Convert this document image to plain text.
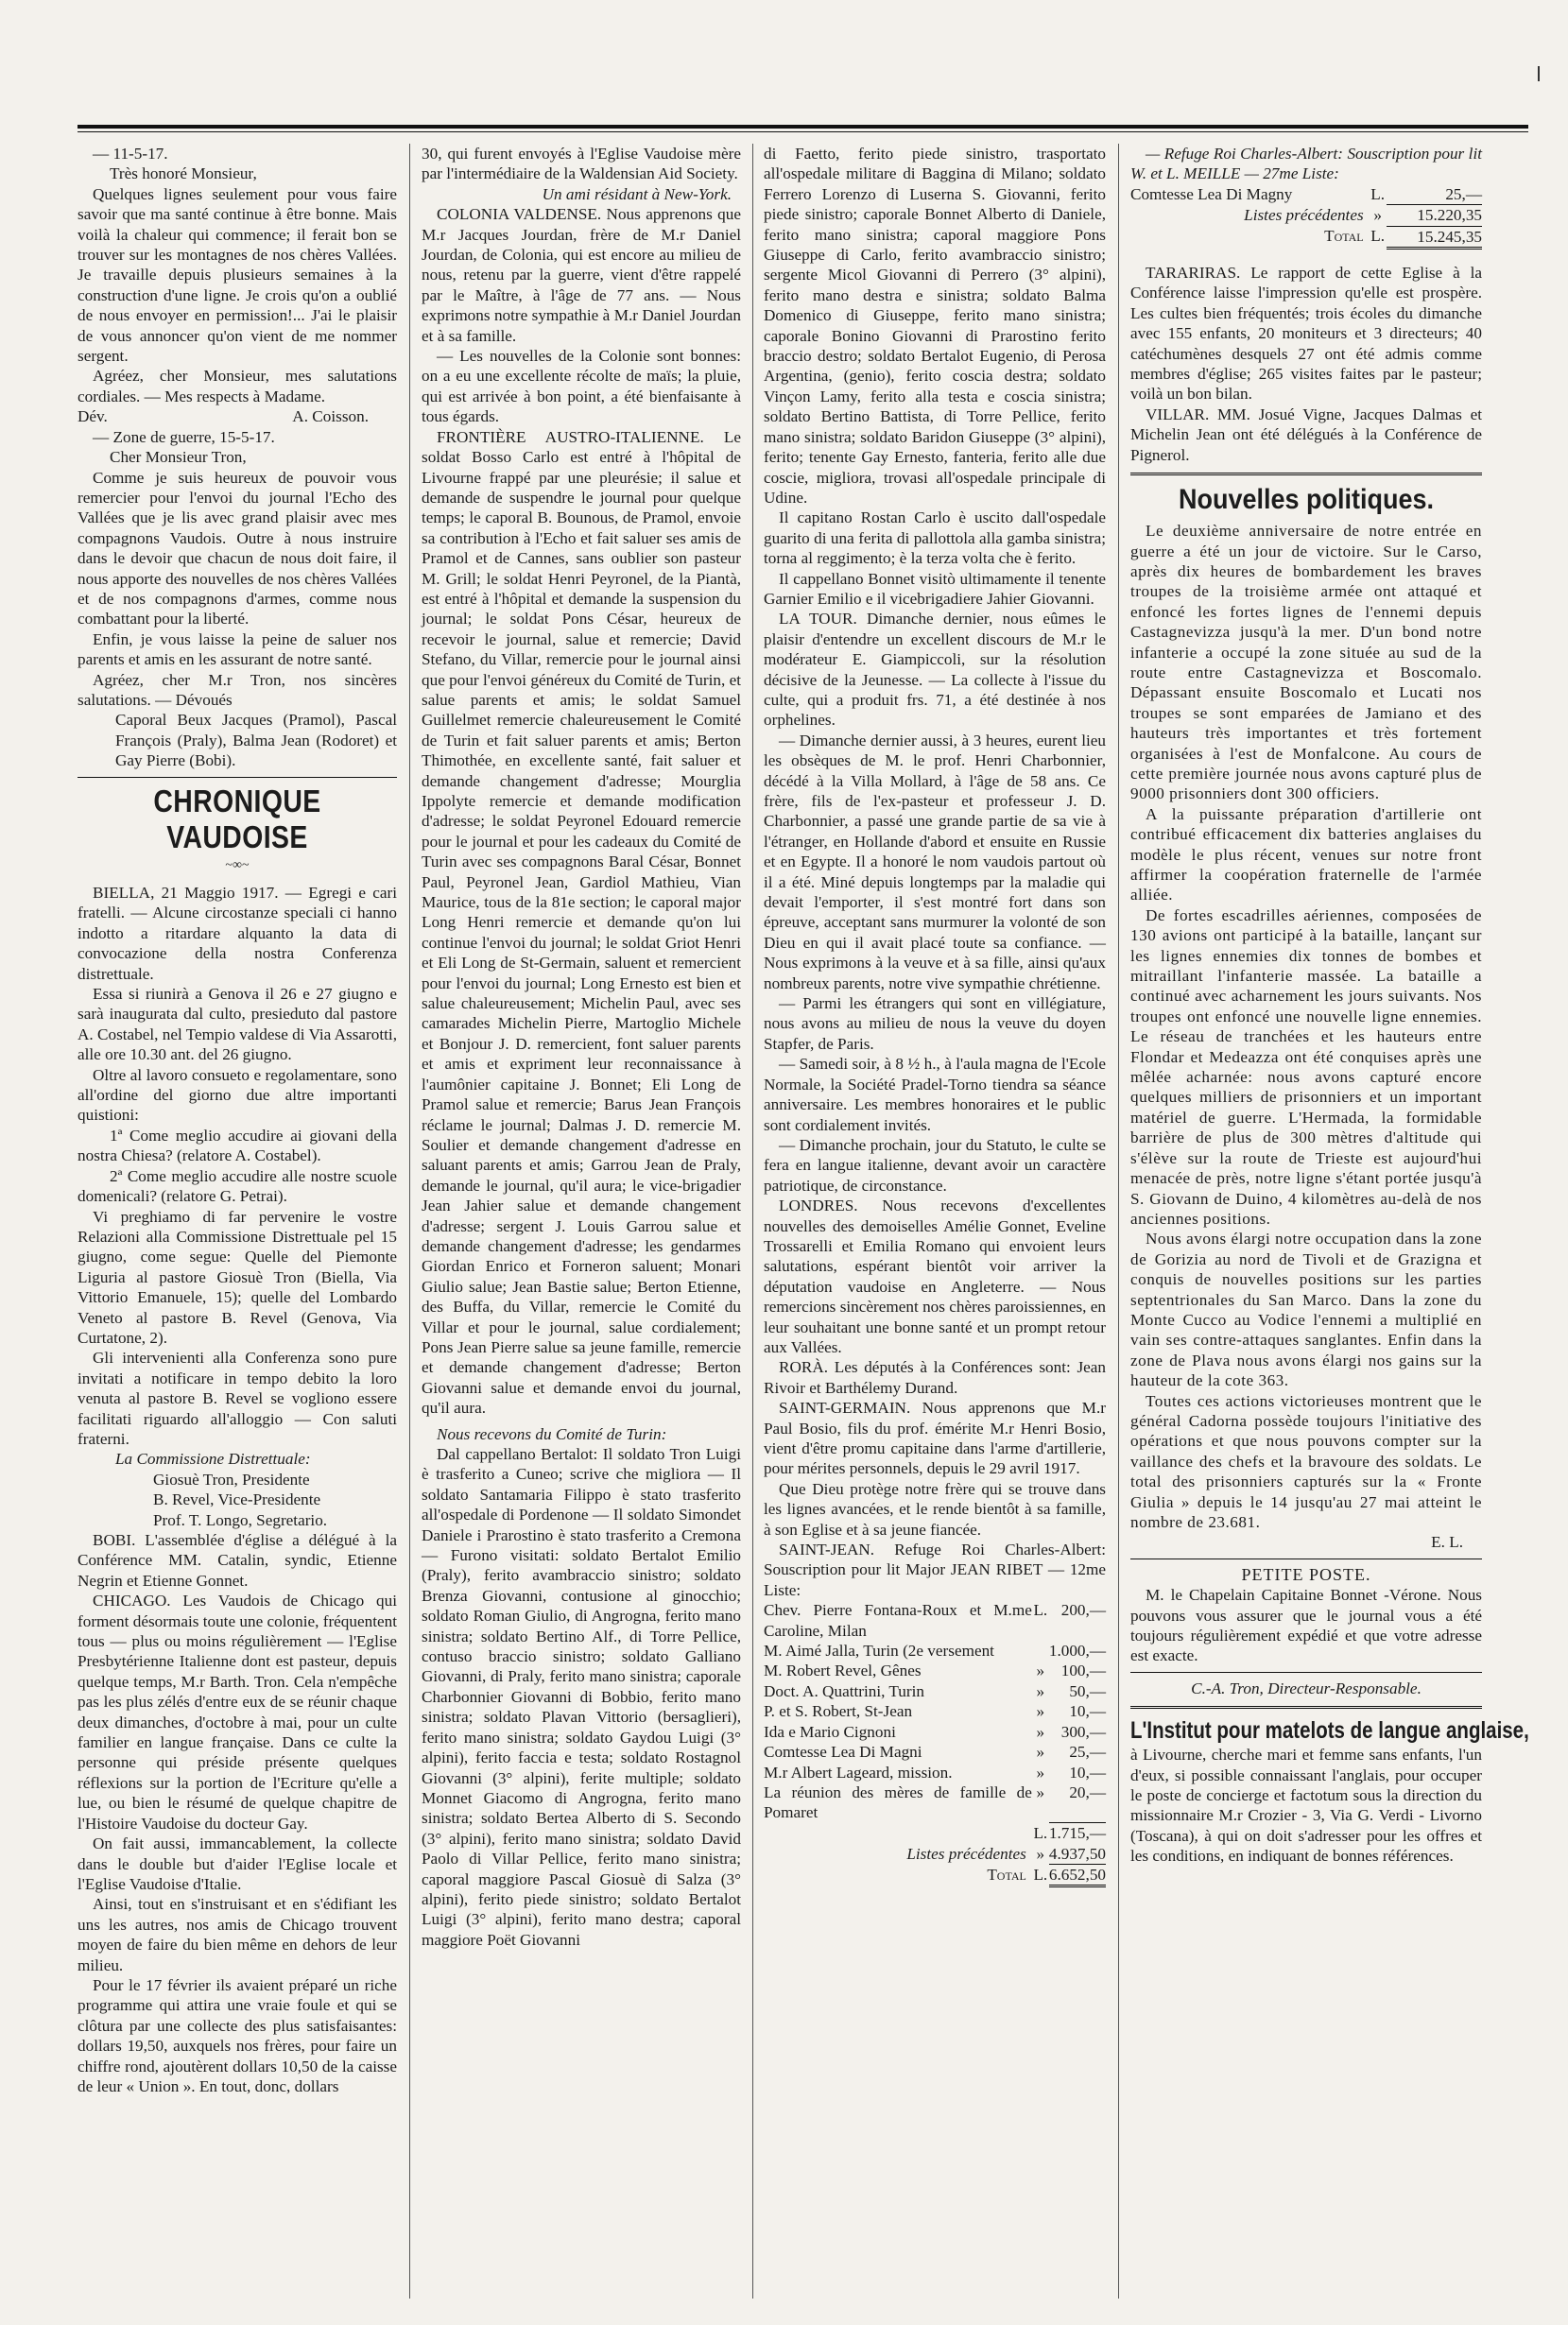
— 11-5-17.

Très honoré Monsieur,

Quelques lignes seulement pour vous faire savoir que ma santé continue à être bonne. Mais voilà la chaleur qui commence; il ferait bon se trouver sur les montagnes de nos chères Vallées. Je travaille depuis plusieurs semaines à la construction d'une ligne. Je crois qu'on a oublié de nous envoyer en permission!... J'ai le plaisir de vous annoncer qu'on vient de me nommer sergent.

Agréez, cher Monsieur, mes salutations cordiales. — Mes respects à Madame.

Dév.	A. Coisson.

— Zone de guerre, 15-5-17.

Cher Monsieur Tron,

Comme je suis heureux de pouvoir vous remercier pour l'envoi du journal l'Echo des Vallées que je lis avec grand plaisir avec mes compagnons Vaudois. Outre à nous instruire dans le devoir que chacun de nous doit faire, il nous apporte des nouvelles de nos chères Vallées et de nos compagnons d'armes, comme nous combattant pour la liberté.

Enfin, je vous laisse la peine de saluer nos parents et amis en les assurant de notre santé.

Agréez, cher M.r Tron, nos sincères salutations. — Dévoués

Caporal Beux Jacques (Pramol), Pascal François (Praly), Balma Jean (Rodoret) et Gay Pierre (Bobi).

CHRONIQUE VAUDOISE
~∞~

BIELLA, 21 Maggio 1917. — Egregi e cari fratelli. — Alcune circostanze speciali ci hanno indotto a ritardare alquanto la data di convocazione della nostra Conferenza distrettuale.

Essa si riunirà a Genova il 26 e 27 giugno e sarà inaugurata dal culto, presieduto dal pastore A. Costabel, nel Tempio valdese di Via Assarotti, alle ore 10.30 ant. del 26 giugno.

Oltre al lavoro consueto e regolamentare, sono all'ordine del giorno due altre importanti quistioni:

1ª Come meglio accudire ai giovani della nostra Chiesa? (relatore A. Costabel).

2ª Come meglio accudire alle nostre scuole domenicali? (relatore G. Petrai).

Vi preghiamo di far pervenire le vostre Relazioni alla Commissione Distrettuale pel 15 giugno, come segue: Quelle del Piemonte Liguria al pastore Giosuè Tron (Biella, Via Vittorio Emanuele, 15); quelle del Lombardo Veneto al pastore B. Revel (Genova, Via Curtatone, 2).

Gli intervenienti alla Conferenza sono pure invitati a notificare in tempo debito la loro venuta al pastore B. Revel se vogliono essere facilitati riguardo all'alloggio — Con saluti fraterni.

La Commissione Distrettuale:

Giosuè Tron, Presidente

B. Revel, Vice-Presidente

Prof. T. Longo, Segretario.

BOBI. L'assemblée d'église a délégué à la Conférence MM. Catalin, syndic, Etienne Negrin et Etienne Gonnet.

CHICAGO. Les Vaudois de Chicago qui forment désormais toute une colonie, fréquentent tous — plus ou moins régulièrement — l'Eglise Presbytérienne Italienne dont est pasteur, depuis quelque temps, M.r Barth. Tron. Cela n'empêche pas les plus zélés d'entre eux de se réunir chaque deux dimanches, d'octobre à mai, pour un culte familier en langue française. Dans ce culte la personne qui préside présente quelques réflexions sur la portion de l'Ecriture qu'elle a lue, ou bien le résumé de quelque chapitre de l'Histoire Vaudoise du docteur Gay.

On fait aussi, immancablement, la collecte dans le double but d'aider l'Eglise locale et l'Eglise Vaudoise d'Italie.

Ainsi, tout en s'instruisant et en s'édifiant les uns les autres, nos amis de Chicago trouvent moyen de faire du bien même en dehors de leur milieu.

Pour le 17 février ils avaient préparé un riche programme qui attira une vraie foule et qui se clôtura par une collecte des plus satisfaisantes: dollars 19,50, auxquels nos frères, pour faire un chiffre rond, ajoutèrent dollars 10,50 de la caisse de leur « Union ». En tout, donc, dollars

30, qui furent envoyés à l'Eglise Vaudoise mère par l'intermédiaire de la Waldensian Aid Society.

Un ami résidant à New-York.

COLONIA VALDENSE. Nous apprenons que M.r Jacques Jourdan, frère de M.r Daniel Jourdan, de Colonia, qui est encore au milieu de nous, retenu par la guerre, vient d'être rappelé par le Maître, à l'âge de 77 ans. — Nous exprimons notre sympathie à M.r Daniel Jourdan et à sa famille.

— Les nouvelles de la Colonie sont bonnes: on a eu une excellente récolte de maïs; la pluie, qui est arrivée à bon point, a été bienfaisante à tous égards.

FRONTIÈRE AUSTRO-ITALIENNE. Le soldat Bosso Carlo est entré à l'hôpital de Livourne frappé par une pleurésie; il salue et demande de suspendre le journal pour quelque temps; le caporal B. Bounous, de Pramol, envoie sa contribution à l'Echo et fait saluer ses amis de Pramol et de Cannes, sans oublier son pasteur M. Grill; le soldat Henri Peyronel, de la Piantà, est entré à l'hôpital et demande la suspension du journal; le soldat Pons César, heureux de recevoir le journal, salue et remercie; David Stefano, du Villar, remercie pour le journal ainsi que pour l'envoi généreux du Comité de Turin, et salue parents et amis; le soldat Samuel Guillelmet remercie chaleureusement le Comité de Turin et fait saluer parents et amis; Berton Thimothée, en excellente santé, fait saluer et demande changement d'adresse; Mourglia Ippolyte remercie et demande modification d'adresse; le soldat Peyronel Edouard remercie pour le journal et pour les cadeaux du Comité de Turin avec ses compagnons Baral César, Bonnet Paul, Peyronel Jean, Gardiol Mathieu, Vian Maurice, tous de la 81e section; le caporal major Long Henri remercie et demande qu'on lui continue l'envoi du journal; le soldat Griot Henri et Eli Long de St-Germain, saluent et remercient pour l'envoi du journal; Long Ernesto est bien et salue chaleureusement; Michelin Paul, avec ses camarades Michelin Pierre, Martoglio Michele et Bonjour J. D. remercient, font saluer parents et amis et expriment leur reconnaissance à l'aumônier capitaine J. Bonnet; Eli Long de Pramol salue et remercie; Barus Jean François réclame le journal; Dalmas J. D. remercie M. Soulier et demande changement d'adresse en saluant parents et amis; Garrou Jean de Praly, demande le journal, qu'il aura; le vice-brigadier Jean Jahier salue et demande changement d'adresse; sergent J. Louis Garrou salue et demande changement d'adresse; les gendarmes Giordan Enrico et Forneron saluent; Monari Giulio salue; Jean Bastie salue; Berton Etienne, des Buffa, du Villar, remercie le Comité du Villar et pour le journal, salue cordialement; Pons Jean Pierre salue sa jeune famille, remercie et demande changement d'adresse; Berton Giovanni salue et demande envoi du journal, qu'il aura.

Nous recevons du Comité de Turin:

Dal cappellano Bertalot: Il soldato Tron Luigi è trasferito a Cuneo; scrive che migliora — Il soldato Santamaria Filippo è stato trasferito all'ospedale di Pordenone — Il soldato Simondet Daniele i Prarostino è stato trasferito a Cremona — Furono visitati: soldato Bertalot Emilio (Praly), ferito avambraccio sinistro; soldato Brenza Giovanni, contusione al ginocchio; soldato Roman Giulio, di Angrogna, ferito mano sinistra; soldato Bertino Alf., di Torre Pellice, contuso braccio sinistro; soldato Galliano Giovanni, di Praly, ferito mano sinistra; caporale Charbonnier Giovanni di Bobbio, ferito mano sinistra; soldato Plavan Vittorio (bersaglieri), ferito mano sinistra; soldato Gaydou Luigi (3° alpini), ferito faccia e testa; soldato Rostagnol Giovanni (3° alpini), ferite multiple; soldato Monnet Giacomo di Angrogna, ferito mano sinistra; soldato Bertea Alberto di S. Secondo (3° alpini), ferito mano sinistra; soldato David Paolo di Villar Pellice, ferito mano sinistra; caporal maggiore Pascal Giosuè di Salza (3° alpini), ferito piede sinistro; soldato Bertalot Luigi (3° alpini), ferito mano destra; caporal maggiore Poët Giovanni

di Faetto, ferito piede sinistro, trasportato all'ospedale militare di Baggina di Milano; soldato Ferrero Lorenzo di Luserna S. Giovanni, ferito piede sinistro; caporale Bonnet Alberto di Daniele, ferito mano sinistra; caporal maggiore Pons Giuseppe di Carlo, ferito avambraccio sinistro; sergente Micol Giovanni di Perrero (3° alpini), ferito mano destra e sinistra; soldato Balma Domenico di Giuseppe, ferito mano sinistra; caporale Bonino Giovanni di Prarostino ferito braccio destro; soldato Bertalot Eugenio, di Perosa Argentina, (genio), ferito coscia destra; soldato Vinçon Lamy, ferito alla testa e coscia sinistra; soldato Bertino Battista, di Torre Pellice, ferito mano sinistra; soldato Baridon Giuseppe (3° alpini), ferito; tenente Gay Ernesto, fanteria, ferito alle due coscie, migliora, trovasi all'ospedale principale di Udine.

Il capitano Rostan Carlo è uscito dall'ospedale guarito di una ferita di pallottola alla gamba sinistra; torna al reggimento; è la terza volta che è ferito.

Il cappellano Bonnet visitò ultimamente il tenente Garnier Emilio e il vicebrigadiere Jahier Giovanni.

LA TOUR. Dimanche dernier, nous eûmes le plaisir d'entendre un excellent discours de M.r le modérateur E. Giampiccoli, sur la résolution décisive de la Jeunesse. — La collecte à l'issue du culte, qui a produit frs. 71, a été destinée à nos orphelines.

— Dimanche dernier aussi, à 3 heures, eurent lieu les obsèques de M. le prof. Henri Charbonnier, décédé à la Villa Mollard, à l'âge de 58 ans. Ce frère, fils de l'ex-pasteur et professeur J. D. Charbonnier, a passé une grande partie de sa vie à l'étranger, en Hollande d'abord et ensuite en Russie et en Egypte. Il a honoré le nom vaudois partout où il a été. Miné depuis longtemps par la maladie qui devait l'emporter, il s'est montré fort dans son épreuve, acceptant sans murmurer la volonté de son Dieu en qui il avait placé toute sa confiance. — Nous exprimons à la veuve et à sa fille, ainsi qu'aux nombreux parents, notre vive sympathie chrétienne.

— Parmi les étrangers qui sont en villégiature, nous avons au milieu de nous la veuve du doyen Stapfer, de Paris.

— Samedi soir, à 8 ½ h., à l'aula magna de l'Ecole Normale, la Société Pradel-Torno tiendra sa séance anniversaire. Les membres honoraires et le public sont cordialement invités.

— Dimanche prochain, jour du Statuto, le culte se fera en langue italienne, devant avoir un caractère patriotique, de circonstance.

LONDRES. Nous recevons d'excellentes nouvelles des demoiselles Amélie Gonnet, Eveline Trossarelli et Emilia Romano qui envoient leurs salutations, espérant bientôt voir arriver la députation vaudoise en Angleterre. — Nous remercions sincèrement nos chères paroissiennes, en leur souhaitant une bonne santé et un prompt retour aux Vallées.

RORÀ. Les députés à la Conférences sont: Jean Rivoir et Barthélemy Durand.

SAINT-GERMAIN. Nous apprenons que M.r Paul Bosio, fils du prof. émérite M.r Henri Bosio, vient d'être promu capitaine dans l'arme d'artillerie, pour mérites personnels, depuis le 29 avril 1917.

Que Dieu protège notre frère qui se trouve dans les lignes avancées, et le rende bientôt à sa famille, à son Eglise et à sa jeune fiancée.

SAINT-JEAN. Refuge Roi Charles-Albert: Souscription pour lit Major JEAN RIBET — 12me Liste:

Chev. Pierre Fontana-Roux et M.me Caroline, Milan	L.	200,—
M. Aimé Jalla, Turin (2e versement		1.000,—
M. Robert Revel, Gênes	»	100,—
Doct. A. Quattrini, Turin	»	50,—
P. et S. Robert, St-Jean	»	10,—
Ida e Mario Cignoni	»	300,—
Comtesse Lea Di Magni	»	25,—
M.r Albert Lageard, mission.	»	10,—
La réunion des mères de famille de Pomaret	»	20,—
	L.	1.715,—
Listes précédentes	»	4.937,50
Total	L.	6.652,50

— Refuge Roi Charles-Albert: Souscription pour lit W. et L. MEILLE — 27me Liste:

Comtesse Lea Di Magny	L.	25,—
Listes précédentes	»	15.220,35
Total	L.	15.245,35

TARARIRAS. Le rapport de cette Eglise à la Conférence laisse l'impression qu'elle est prospère. Les cultes bien fréquentés; trois écoles du dimanche avec 155 enfants, 20 moniteurs et 3 directeurs; 40 catéchumènes desquels 27 ont été admis comme membres d'église; 265 visites faites par le pasteur; voilà un bon bilan.

VILLAR. MM. Josué Vigne, Jacques Dalmas et Michelin Jean ont été délégués à la Conférence de Pignerol.

Nouvelles politiques.

Le deuxième anniversaire de notre entrée en guerre a été un jour de victoire. Sur le Carso, après dix heures de bombardement les braves troupes de la troisième armée ont attaqué et enfoncé les fortes lignes de l'ennemi depuis Castagnevizza jusqu'à la mer. D'un bond notre infanterie a occupé la zone située au sud de la route entre Castagnevizza et Boscomalo. Dépassant ensuite Boscomalo et Lucati nos troupes se sont emparées de Jamiano et des hauteurs très importantes et très fortement organisées à l'est de Monfalcone. Au cours de cette première journée nous avons capturé plus de 9000 prisonniers dont 300 officiers.

A la puissante préparation d'artillerie ont contribué efficacement dix batteries anglaises du modèle le plus récent, venues sur notre front affirmer la coopération fraternelle de l'armée alliée.

De fortes escadrilles aériennes, composées de 130 avions ont participé à la bataille, lançant sur les lignes ennemies dix tonnes de bombes et mitraillant l'infanterie massée. La bataille a continué avec acharnement les jours suivants. Nos troupes ont enfoncé une nouvelle ligne ennemies. Le réseau de tranchées et les hauteurs entre Flondar et Medeazza ont été conquises après une mêlée acharnée: nous avons capturé encore quelques milliers de prisonniers et un important matériel de guerre. L'Hermada, la formidable barrière de plus de 300 mètres d'altitude qui s'élève sur la route de Trieste est aujourd'hui menacée de près, notre ligne s'étant portée jusqu'à S. Giovann de Duino, 4 kilomètres au-delà de nos anciennes positions.

Nous avons élargi notre occupation dans la zone de Gorizia au nord de Tivoli et de Grazigna et conquis de nouvelles positions sur les parties septentrionales du San Marco. Dans la zone du Monte Cucco au Vodice l'ennemi a multiplié en vain ses contre-attaques sanglantes. Enfin dans la zone de Plava nous avons élargi nos gains sur la hauteur de la cote 363.

Toutes ces actions victorieuses montrent que le général Cadorna possède toujours l'initiative des opérations et que nous pouvons compter sur la vaillance des chefs et la bravoure des soldats. Le total des prisonniers capturés sur la « Fronte Giulia » depuis le 14 jusqu'au 27 mai atteint le nombre de 23.681.

E. L.

PETITE POSTE.

M. le Chapelain Capitaine Bonnet -Vérone. Nous pouvons vous assurer que le journal vous a été toujours régulièrement expédié et que votre adresse est exacte.

C.-A. Tron, Directeur-Responsable.

L'Institut pour matelots de langue anglaise,

à Livourne, cherche mari et femme sans enfants, l'un d'eux, si possible connaissant l'anglais, pour occuper le poste de concierge et factotum sous la direction du missionnaire M.r Crozier - 3, Via G. Verdi - Livorno (Toscana), à qui on doit s'adresser pour les offres et les conditions, en indiquant de bonnes références.
